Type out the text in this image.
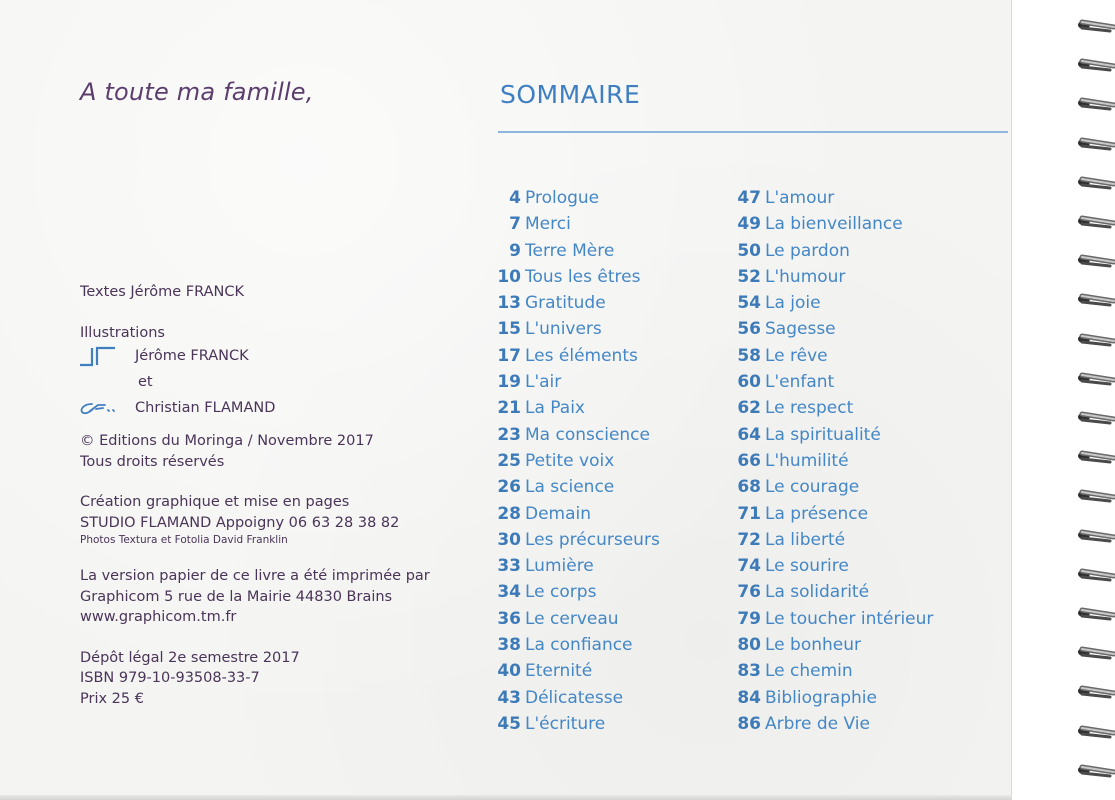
A toute ma famille,
Textes Jérôme FRANCK
Illustrations
Jérôme FRANCK
et
Christian FLAMAND
© Editions du Moringa / Novembre 2017
Tous droits réservés
Création graphique et mise en pages
STUDIO FLAMAND Appoigny 06 63 28 38 82
Photos Textura et Fotolia David Franklin
La version papier de ce livre a été imprimée par
Graphicom 5 rue de la Mairie 44830 Brains
www.graphicom.tm.fr
Dépôt légal 2e semestre 2017
ISBN 979-10-93508-33-7
Prix 25 €
SOMMAIRE
4 Prologue
7 Merci
9 Terre Mère
10 Tous les êtres
13 Gratitude
15 L'univers
17 Les éléments
19 L'air
21 La Paix
23 Ma conscience
25 Petite voix
26 La science
28 Demain
30 Les précurseurs
33 Lumière
34 Le corps
36 Le cerveau
38 La confiance
40 Eternité
43 Délicatesse
45 L'écriture
47 L'amour
49 La bienveillance
50 Le pardon
52 L'humour
54 La joie
56 Sagesse
58 Le rêve
60 L'enfant
62 Le respect
64 La spiritualité
66 L'humilité
68 Le courage
71 La présence
72 La liberté
74 Le sourire
76 La solidarité
79 Le toucher intérieur
80 Le bonheur
83 Le chemin
84 Bibliographie
86 Arbre de Vie
